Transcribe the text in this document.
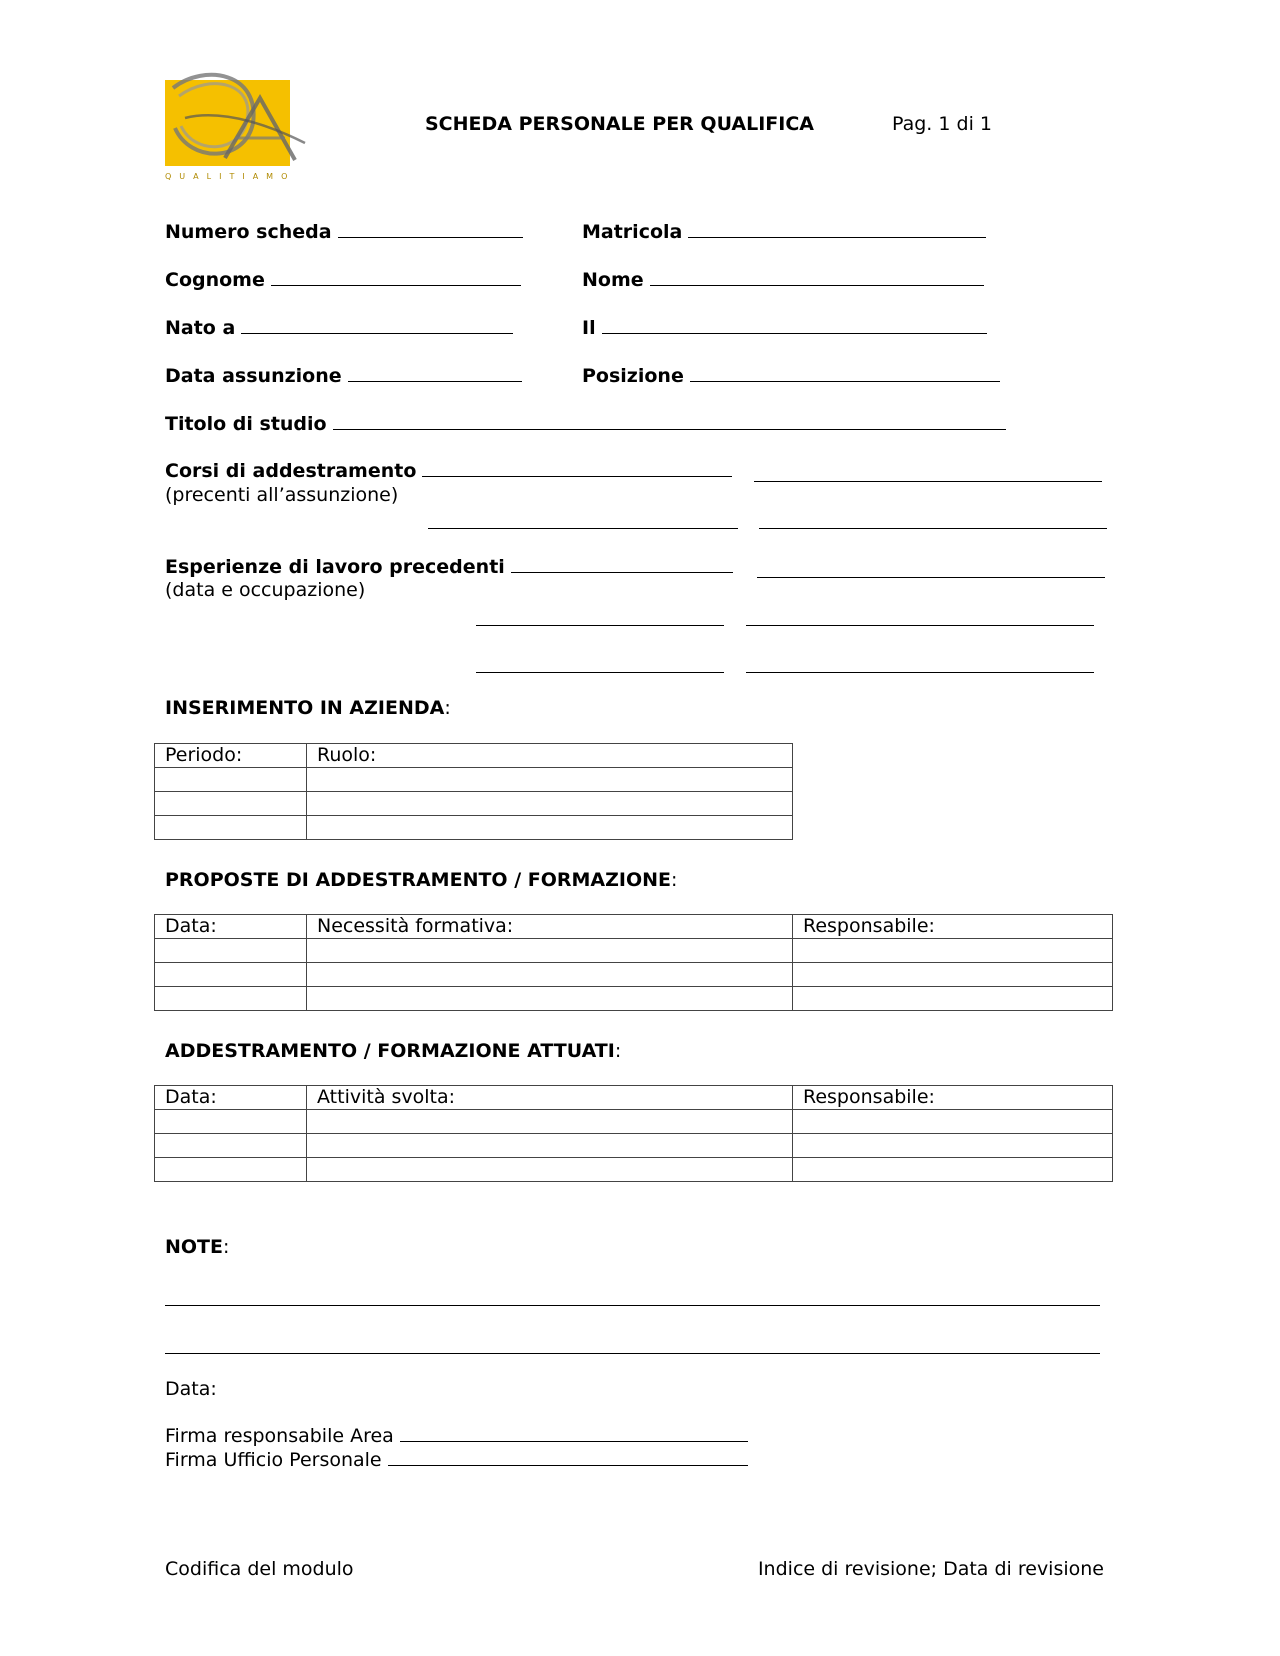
QUALITIAMO
SCHEDA PERSONALE PER QUALIFICA	Pag. 1 di 1
Numero scheda	Matricola
Cognome	Nome
Nato a	Il
Data assunzione	Posizione
Titolo di studio
Corsi di addestramento
(precenti all’assunzione)
Esperienze di lavoro precedenti
(data e occupazione)
INSERIMENTO IN AZIENDA:
Periodo:	Ruolo:

PROPOSTE DI ADDESTRAMENTO / FORMAZIONE:
Data:	Necessità formativa:	Responsabile:

ADDESTRAMENTO / FORMAZIONE ATTUATI:
Data:	Attività svolta:	Responsabile:

NOTE:
Data:
Firma responsabile Area
Firma Ufficio Personale
Codifica del modulo	Indice di revisione; Data di revisione
